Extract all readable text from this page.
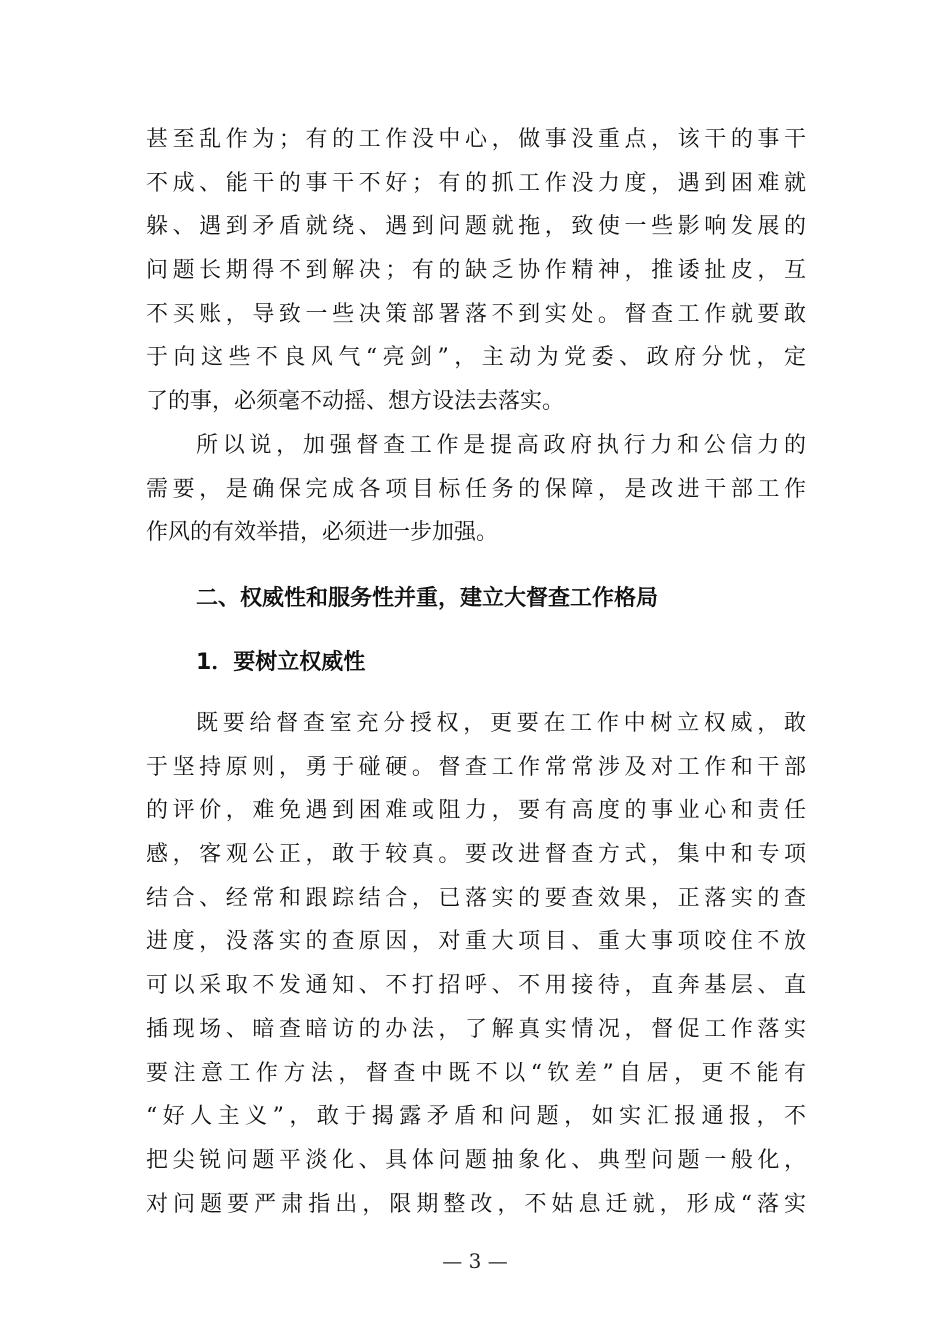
甚至乱作为；有的工作没中心，做事没重点，该干的事干
不成、能干的事干不好；有的抓工作没力度，遇到困难就
躲、遇到矛盾就绕、遇到问题就拖，致使一些影响发展的
问题长期得不到解决；有的缺乏协作精神，推诿扯皮，互
不买账，导致一些决策部署落不到实处。督查工作就要敢
于向这些不良风气“亮剑”，主动为党委、政府分忧，定
了的事，必须毫不动摇、想方设法去落实。
所以说，加强督查工作是提高政府执行力和公信力的
需要，是确保完成各项目标任务的保障，是改进干部工作
作风的有效举措，必须进一步加强。
二、权威性和服务性并重，建立大督查工作格局
1．要树立权威性
既要给督查室充分授权，更要在工作中树立权威，敢
于坚持原则，勇于碰硬。督查工作常常涉及对工作和干部
的评价，难免遇到困难或阻力，要有高度的事业心和责任
感，客观公正，敢于较真。要改进督查方式，集中和专项
结合、经常和跟踪结合，已落实的要查效果，正落实的查
进度，没落实的查原因，对重大项目、重大事项咬住不放
可以采取不发通知、不打招呼、不用接待，直奔基层、直
插现场、暗查暗访的办法，了解真实情况，督促工作落实
要注意工作方法，督查中既不以“钦差”自居，更不能有
“好人主义”，敢于揭露矛盾和问题，如实汇报通报，不
把尖锐问题平淡化、具体问题抽象化、典型问题一般化，
对问题要严肃指出，限期整改，不姑息迁就，形成“落实
— 3 —
